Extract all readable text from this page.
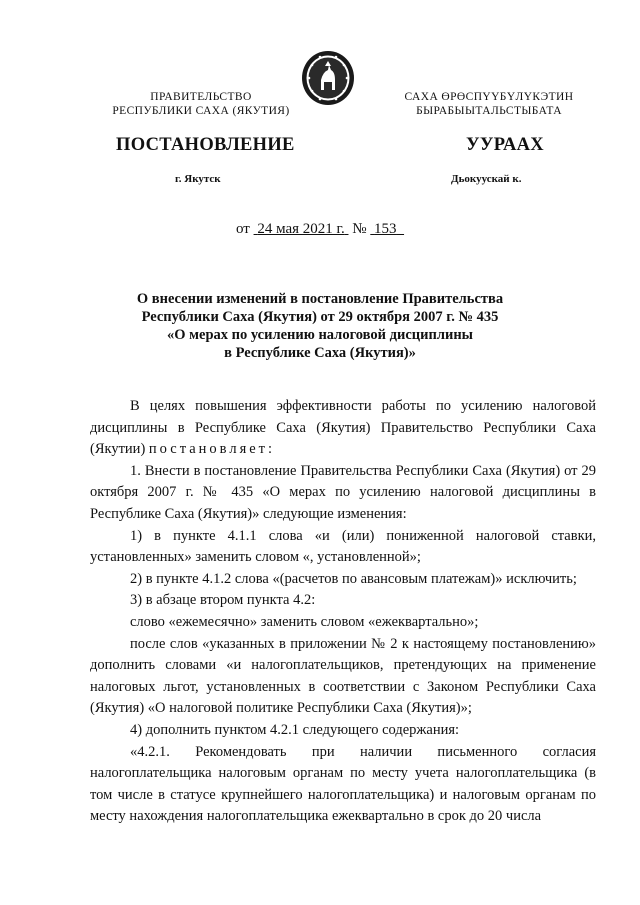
ПРАВИТЕЛЬСТВО
РЕСПУБЛИКИ САХА (ЯКУТИЯ)
САХА ӨРӨСПҮҮБҮЛҮКЭТИН
БЫРАБЫЫТАЛЬСТЫБАТА
ПОСТАНОВЛЕНИЕ	УУРААХ
г. Якутск	Дьокуускай к.
от 24 мая 2021 г. № 153
О внесении изменений в постановление Правительства
Республики Саха (Якутия) от 29 октября 2007 г. № 435
«О мерах по усилению налоговой дисциплины
в Республике Саха (Якутия)»

В целях повышения эффективности работы по усилению налоговой дисциплины в Республике Саха (Якутия) Правительство Республики Саха (Якутии) постановляет:

1. Внести в постановление Правительства Республики Саха (Якутия) от 29 октября 2007 г. № 435 «О мерах по усилению налоговой дисциплины в Республике Саха (Якутия)» следующие изменения:

1) в пункте 4.1.1 слова «и (или) пониженной налоговой ставки, установленных» заменить словом «, установленной»;

2) в пункте 4.1.2 слова «(расчетов по авансовым платежам)» исключить;

3) в абзаце втором пункта 4.2:

слово «ежемесячно» заменить словом «ежеквартально»;

после слов «указанных в приложении № 2 к настоящему постановлению» дополнить словами «и налогоплательщиков, претендующих на применение налоговых льгот, установленных в соответствии с Законом Республики Саха (Якутия) «О налоговой политике Республики Саха (Якутия)»;

4) дополнить пунктом 4.2.1 следующего содержания:

«4.2.1. Рекомендовать при наличии письменного согласия налогоплательщика налоговым органам по месту учета налогоплательщика (в том числе в статусе крупнейшего налогоплательщика) и налоговым органам по месту нахождения налогоплательщика ежеквартально в срок до 20 числа
